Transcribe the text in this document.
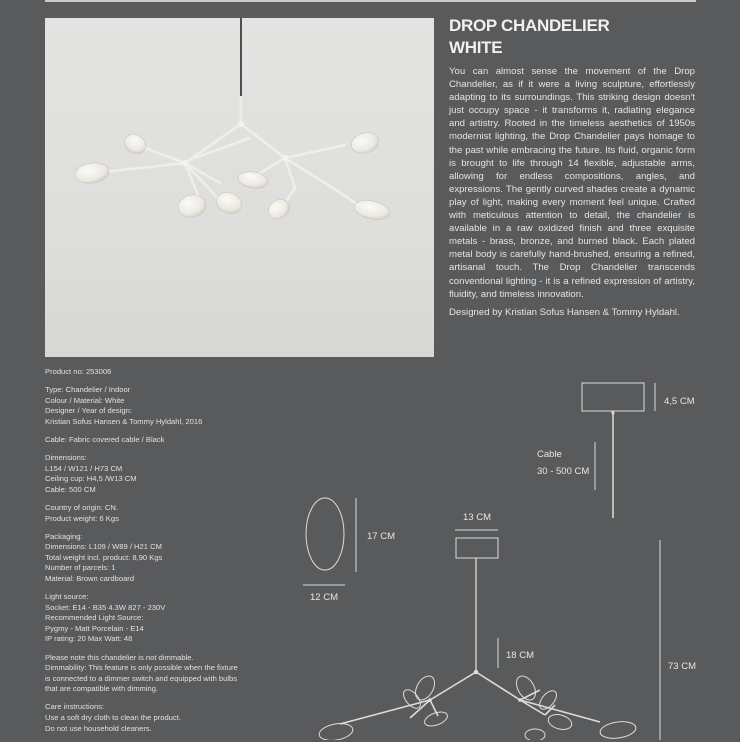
DROP CHANDELIER
WHITE

You can almost sense the movement of the Drop Chandelier, as if it were a living sculpture, effortlessly adapting to its surroundings. This striking design doesn't just occupy space - it transforms it, radiating elegance and artistry. Rooted in the timeless aesthetics of 1950s modernist lighting, the Drop Chandelier pays homage to the past while embracing the future. Its fluid, organic form is brought to life through 14 flexible, adjustable arms, allowing for endless compositions, angles, and expressions. The gently curved shades create a dynamic play of light, making every moment feel unique. Crafted with meticulous attention to detail, the chandelier is available in a raw oxidized finish and three exquisite metals - brass, bronze, and burned black. Each plated metal body is carefully hand-brushed, ensuring a refined, artisanal touch. The Drop Chandelier transcends conventional lighting - it is a refined expression of artistry, fluidity, and timeless innovation.

Designed by Kristian Sofus Hansen & Tommy Hyldahl.
Product no: 253006
Type: Chandelier / Indoor
Colour / Material: White
Designer / Year of design:
Kristian Sofus Hansen & Tommy Hyldahl, 2016
Cable: Fabric covered cable / Black
Dimensions:
L154 / W121 / H73 CM
Ceiling cup: H4,5 /W13 CM
Cable: 500 CM
Country of origin: CN.
Product weight: 6 Kgs
Packaging:
Dimensions: L109 / W89 / H21 CM
Total weight incl. product: 8,90 Kgs
Number of parcels: 1
Material: Brown cardboard
Light source:
Socket: E14 - B35 4.3W 827 - 230V
Recommended Light Source:
Pygmy - Matt Porcelain - E14
IP rating: 20 Max Watt: 48
Please note this chandelier is not dimmable.
Dimmability: This feature is only possible when the fixture
is connected to a dimmer switch and equipped with bulbs
that are compatible with dimming.
Care instructions:
Use a soft dry cloth to clean the product.
Do not use household cleaners.
4,5 CM
Cable
30 - 500 CM
17 CM
12 CM
13 CM
18 CM
73 CM
